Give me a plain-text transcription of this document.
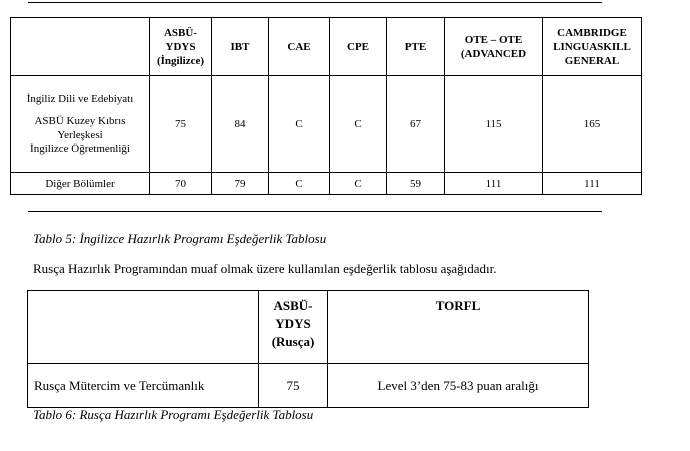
	ASBÜ-
YDYS
(İngilizce)	IBT	CAE	CPE	PTE	OTE – OTE
(ADVANCED	CAMBRIDGE
LINGUASKILL
GENERAL

İngiliz Dili ve Edebiyatı
ASBÜ Kuzey Kıbrıs
Yerleşkesi
İngilizce Öğretmenliği	75	84	C	C	67	115	165
Diğer Bölümler	70	79	C	C	59	111	111
Tablo 5: İngilizce Hazırlık Programı Eşdeğerlik Tablosu
Rusça Hazırlık Programından muaf olmak üzere kullanılan eşdeğerlik tablosu aşağıdadır.

	ASBÜ-
YDYS
(Rusça)	TORFL
Rusça Mütercim ve Tercümanlık	75	Level 3’den 75-83 puan aralığı
Tablo 6: Rusça Hazırlık Programı Eşdeğerlik Tablosu
